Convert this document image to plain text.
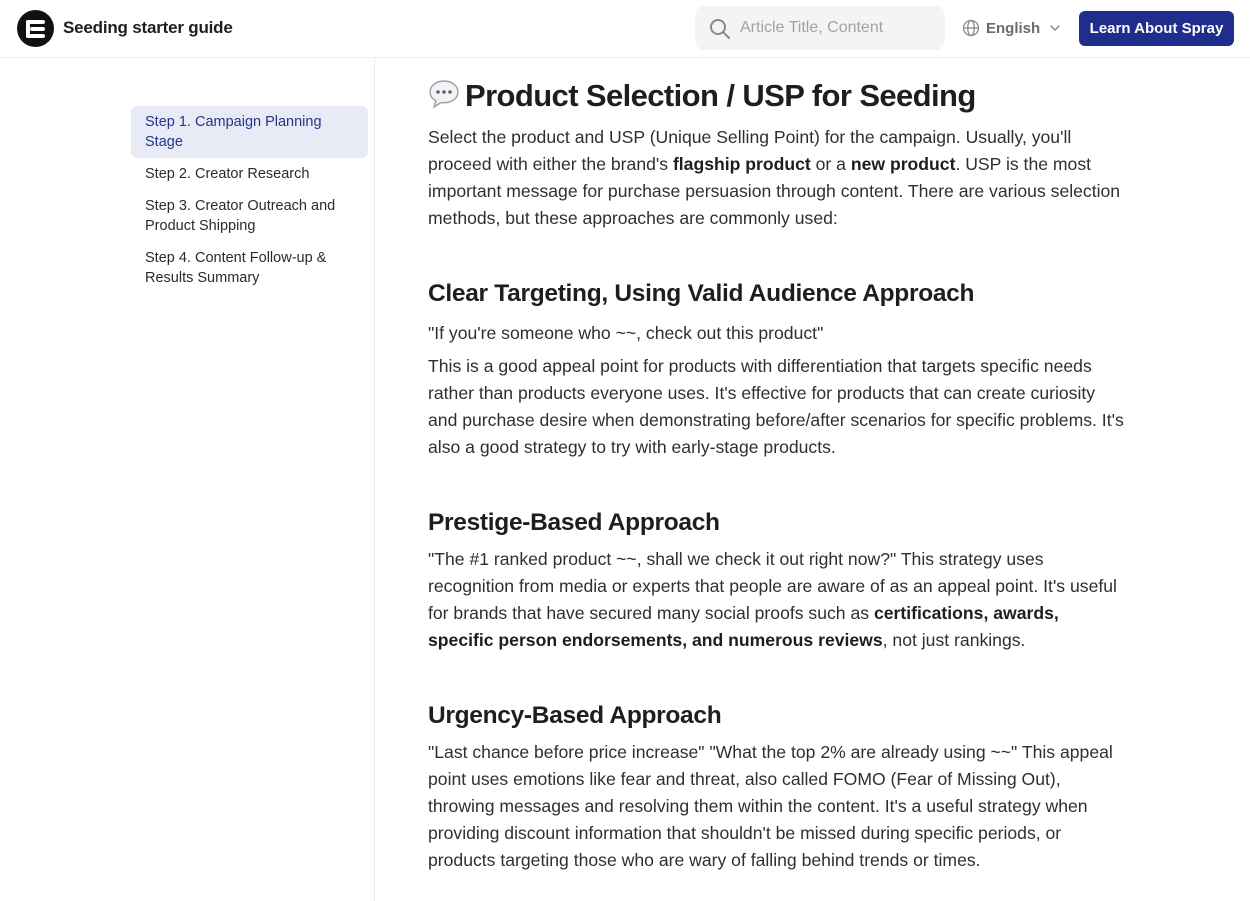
Seeding starter guide
Article Title, Content	English	Learn About Spray
Step 1. Campaign Planning Stage
Step 2. Creator Research
Step 3. Creator Outreach and Product Shipping
Step 4. Content Follow-up & Results Summary
Product Selection / USP for Seeding

Select the product and USP (Unique Selling Point) for the campaign. Usually, you'll proceed with either the brand's flagship product or a new product. USP is the most important message for purchase persuasion through content. There are various selection methods, but these approaches are commonly used:

Clear Targeting, Using Valid Audience Approach

"If you're someone who ~~, check out this product"

This is a good appeal point for products with differentiation that targets specific needs rather than products everyone uses. It's effective for products that can create curiosity and purchase desire when demonstrating before/after scenarios for specific problems. It's also a good strategy to try with early-stage products.

Prestige-Based Approach

"The #1 ranked product ~~, shall we check it out right now?" This strategy uses recognition from media or experts that people are aware of as an appeal point. It's useful for brands that have secured many social proofs such as certifications, awards, specific person endorsements, and numerous reviews, not just rankings.

Urgency-Based Approach

"Last chance before price increase" "What the top 2% are already using ~~" This appeal point uses emotions like fear and threat, also called FOMO (Fear of Missing Out), throwing messages and resolving them within the content. It's a useful strategy when providing discount information that shouldn't be missed during specific periods, or products targeting those who are wary of falling behind trends or times.
